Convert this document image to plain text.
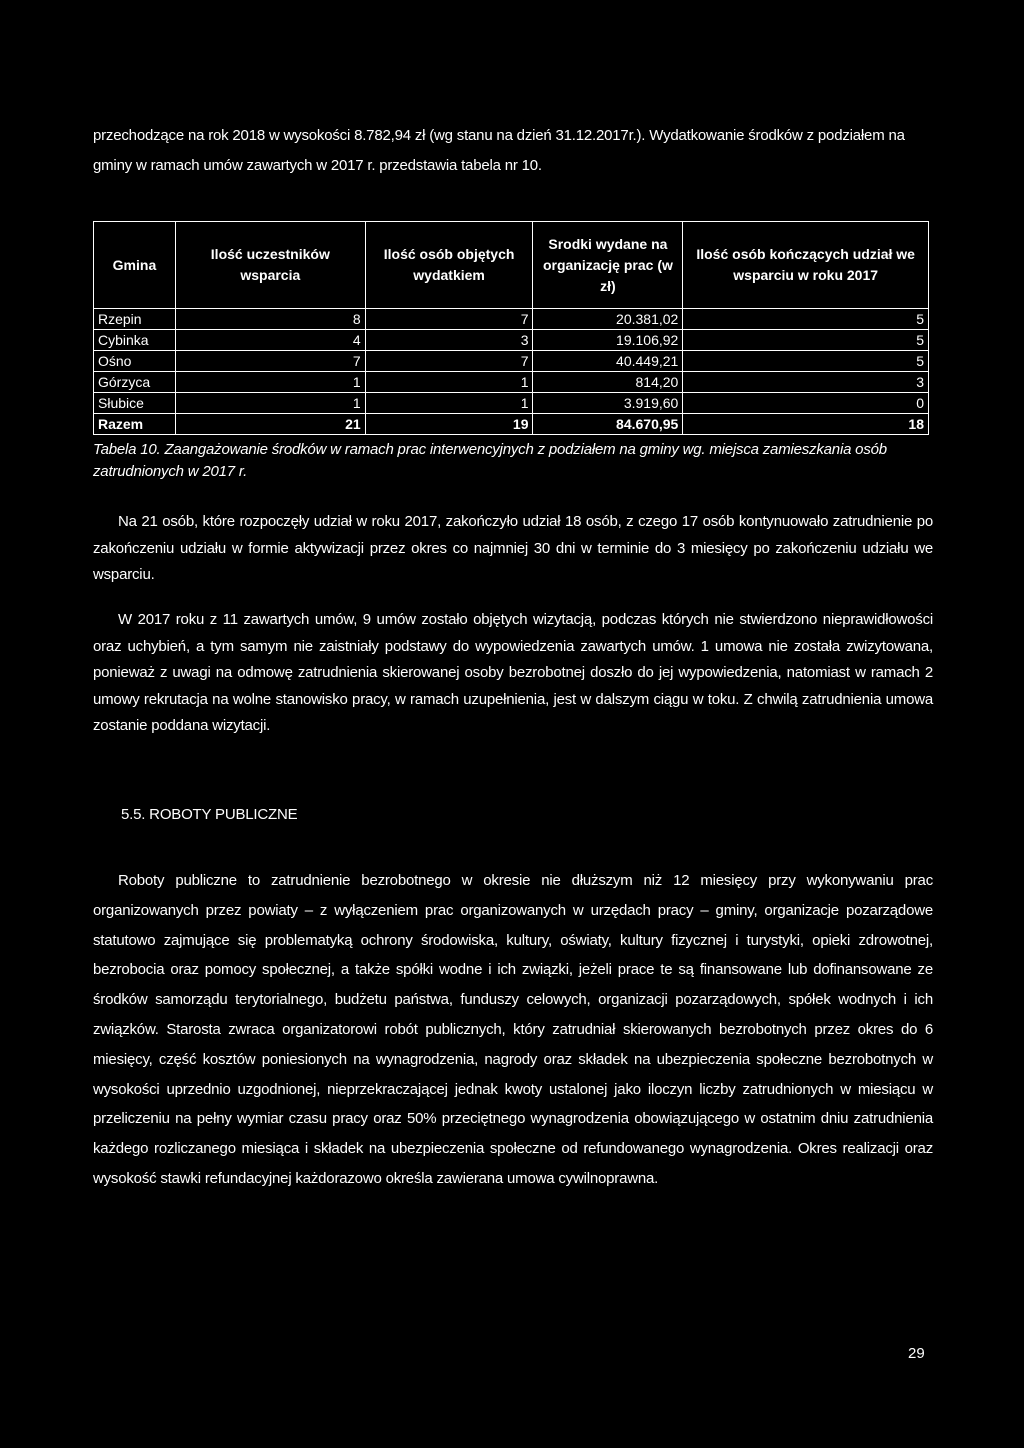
przechodzące na rok 2018 w wysokości 8.782,94 zł (wg stanu na dzień 31.12.2017r.). Wydatkowanie środków z podziałem na gminy w ramach umów zawartych w 2017 r. przedstawia tabela nr 10.

Gmina	Ilość uczestników wsparcia	Ilość osób objętych wydatkiem	Srodki wydane na organizację prac (w zł)	Ilość osób kończących udział we wsparciu w roku 2017
Rzepin	8	7	20.381,02	5
Cybinka	4	3	19.106,92	5
Ośno	7	7	40.449,21	5
Górzyca	1	1	814,20	3
Słubice	1	1	3.919,60	0
Razem	21	19	84.670,95	18
Tabela 10. Zaangażowanie środków w ramach prac interwencyjnych z podziałem na gminy wg. miejsca zamieszkania osób zatrudnionych w 2017 r.

Na 21 osób, które rozpoczęły udział w roku 2017, zakończyło udział 18 osób, z czego 17 osób kontynuowało zatrudnienie po zakończeniu udziału w formie aktywizacji przez okres co najmniej 30 dni w terminie do 3 miesięcy po zakończeniu udziału we wsparciu.

W 2017 roku z 11 zawartych umów, 9 umów zostało objętych wizytacją, podczas których nie stwierdzono nieprawidłowości oraz uchybień, a tym samym nie zaistniały podstawy do wypowiedzenia zawartych umów. 1 umowa nie została zwizytowana, ponieważ z uwagi na odmowę zatrudnienia skierowanej osoby bezrobotnej doszło do jej wypowiedzenia, natomiast w ramach 2 umowy rekrutacja na wolne stanowisko pracy, w ramach uzupełnienia, jest w dalszym ciągu w toku. Z chwilą zatrudnienia umowa zostanie poddana wizytacji.

5.5. ROBOTY PUBLICZNE

Roboty publiczne to zatrudnienie bezrobotnego w okresie nie dłuższym niż 12 miesięcy przy wykonywaniu prac organizowanych przez powiaty – z wyłączeniem prac organizowanych w urzędach pracy – gminy, organizacje pozarządowe statutowo zajmujące się problematyką ochrony środowiska, kultury, oświaty, kultury fizycznej i turystyki, opieki zdrowotnej, bezrobocia oraz pomocy społecznej, a także spółki wodne i ich związki, jeżeli prace te są finansowane lub dofinansowane ze środków samorządu terytorialnego, budżetu państwa, funduszy celowych, organizacji pozarządowych, spółek wodnych i ich związków. Starosta zwraca organizatorowi robót publicznych, który zatrudniał skierowanych bezrobotnych przez okres do 6 miesięcy, część kosztów poniesionych na wynagrodzenia, nagrody oraz składek na ubezpieczenia społeczne bezrobotnych w wysokości uprzednio uzgodnionej, nieprzekraczającej jednak kwoty ustalonej jako iloczyn liczby zatrudnionych w miesiącu w przeliczeniu na pełny wymiar czasu pracy oraz 50% przeciętnego wynagrodzenia obowiązującego w ostatnim dniu zatrudnienia każdego rozliczanego miesiąca i składek na ubezpieczenia społeczne od refundowanego wynagrodzenia. Okres realizacji oraz wysokość stawki refundacyjnej każdorazowo określa zawierana umowa cywilnoprawna.

29
